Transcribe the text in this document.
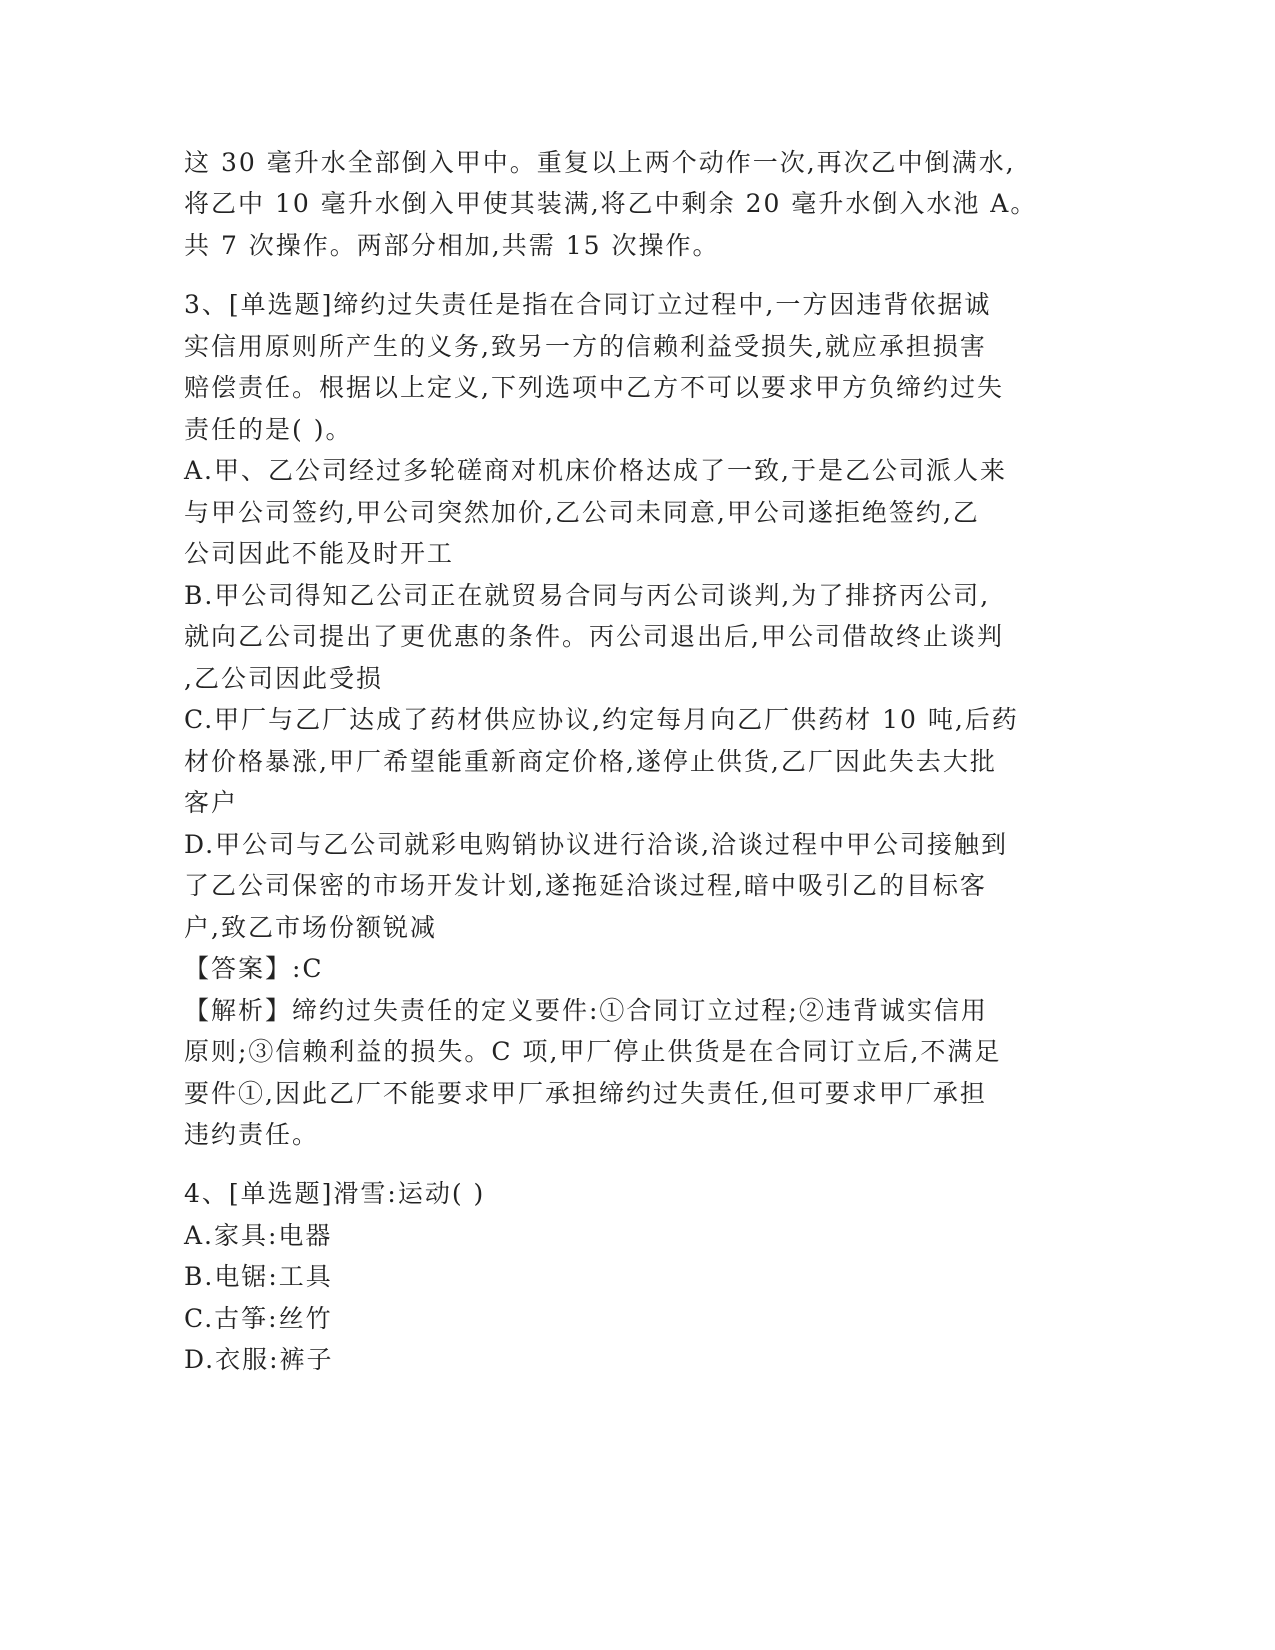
这 30 毫升水全部倒入甲中。重复以上两个动作一次,再次乙中倒满水,
将乙中 10 毫升水倒入甲使其装满,将乙中剩余 20 毫升水倒入水池 A。
共 7 次操作。两部分相加,共需 15 次操作。
3、[单选题]缔约过失责任是指在合同订立过程中,一方因违背依据诚
实信用原则所产生的义务,致另一方的信赖利益受损失,就应承担损害
赔偿责任。根据以上定义,下列选项中乙方不可以要求甲方负缔约过失
责任的是( )。
A.甲、乙公司经过多轮磋商对机床价格达成了一致,于是乙公司派人来
与甲公司签约,甲公司突然加价,乙公司未同意,甲公司遂拒绝签约,乙
公司因此不能及时开工
B.甲公司得知乙公司正在就贸易合同与丙公司谈判,为了排挤丙公司,
就向乙公司提出了更优惠的条件。丙公司退出后,甲公司借故终止谈判
,乙公司因此受损
C.甲厂与乙厂达成了药材供应协议,约定每月向乙厂供药材 10 吨,后药
材价格暴涨,甲厂希望能重新商定价格,遂停止供货,乙厂因此失去大批
客户
D.甲公司与乙公司就彩电购销协议进行洽谈,洽谈过程中甲公司接触到
了乙公司保密的市场开发计划,遂拖延洽谈过程,暗中吸引乙的目标客
户,致乙市场份额锐减
【答案】:C
【解析】缔约过失责任的定义要件:①合同订立过程;②违背诚实信用
原则;③信赖利益的损失。C 项,甲厂停止供货是在合同订立后,不满足
要件①,因此乙厂不能要求甲厂承担缔约过失责任,但可要求甲厂承担
违约责任。
4、[单选题]滑雪:运动( )
A.家具:电器
B.电锯:工具
C.古筝:丝竹
D.衣服:裤子
